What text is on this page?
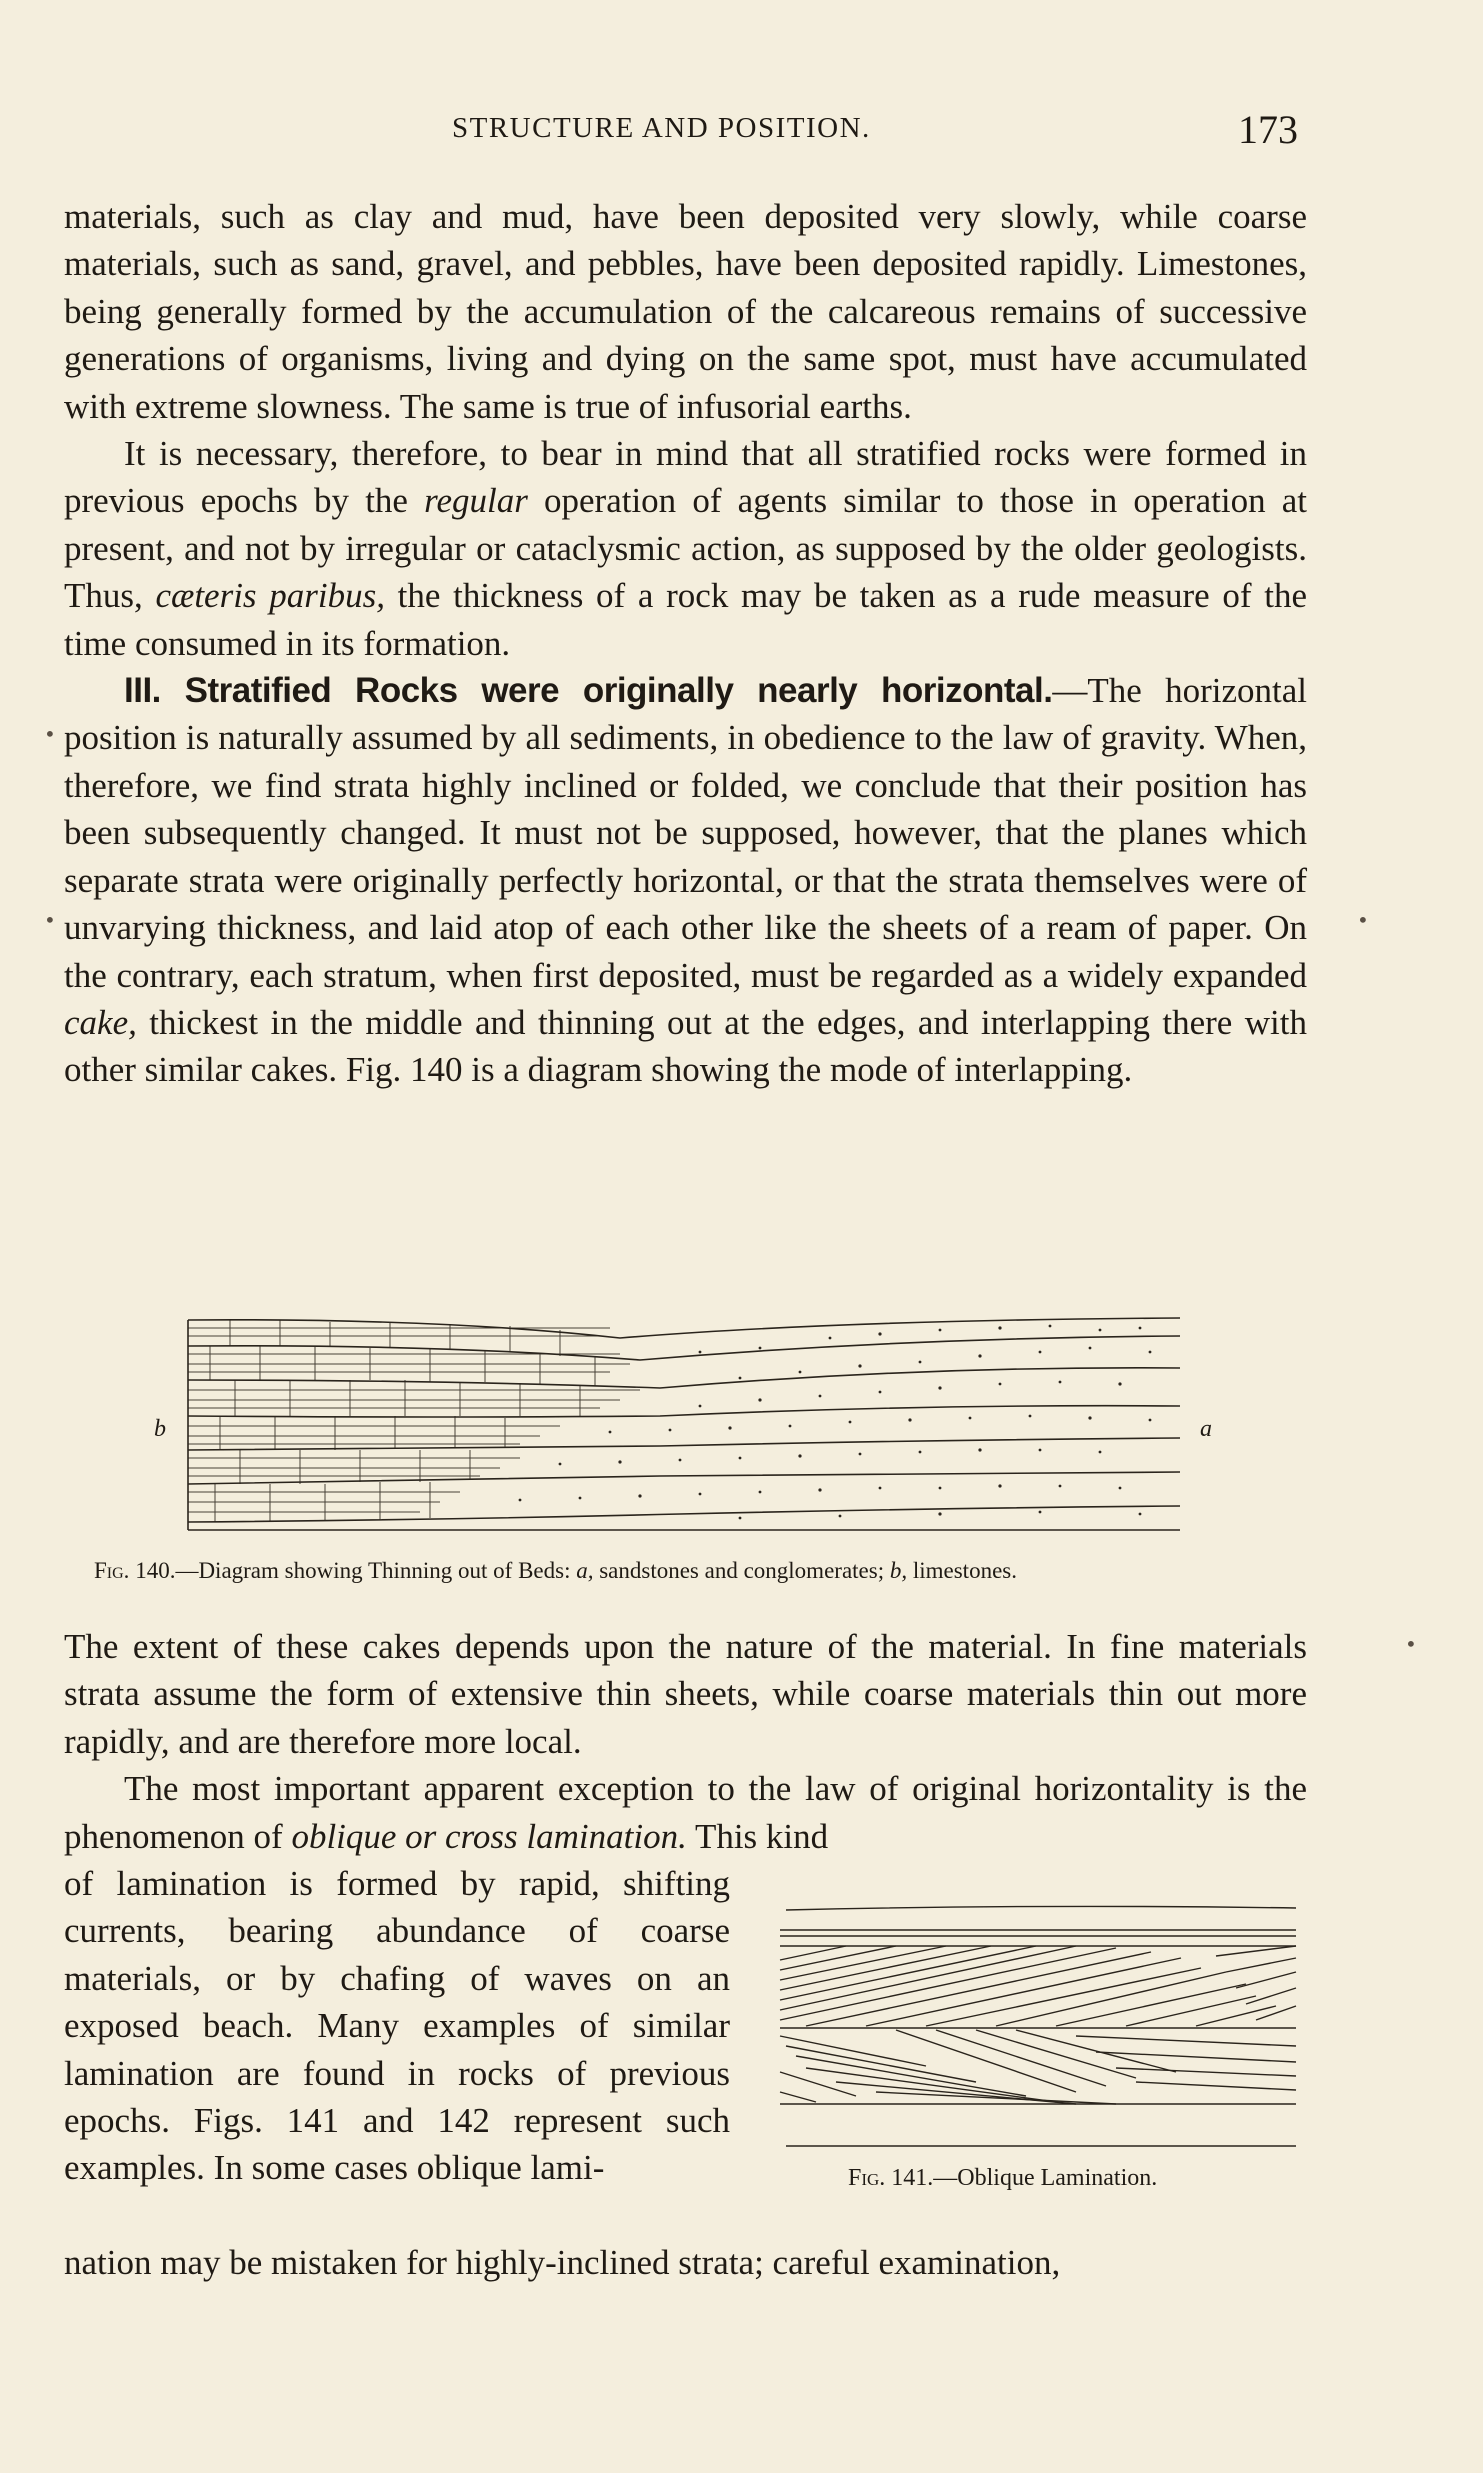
STRUCTURE AND POSITION.	173

materials, such as clay and mud, have been deposited very slowly, while coarse materials, such as sand, gravel, and pebbles, have been deposited rapidly. Limestones, being generally formed by the accumulation of the calcareous remains of successive generations of organisms, living and dying on the same spot, must have accumulated with extreme slowness. The same is true of infusorial earths.

It is necessary, therefore, to bear in mind that all stratified rocks were formed in previous epochs by the regular operation of agents similar to those in operation at present, and not by irregular or cataclysmic action, as supposed by the older geologists. Thus, cæteris paribus, the thickness of a rock may be taken as a rude measure of the time consumed in its formation.

III. Stratified Rocks were originally nearly horizontal.—The horizontal position is naturally assumed by all sediments, in obedience to the law of gravity. When, therefore, we find strata highly inclined or folded, we conclude that their position has been subsequently changed. It must not be supposed, however, that the planes which separate strata were originally perfectly horizontal, or that the strata themselves were of unvarying thickness, and laid atop of each other like the sheets of a ream of paper. On the contrary, each stratum, when first deposited, must be regarded as a widely expanded cake, thickest in the middle and thinning out at the edges, and interlapping there with other similar cakes. Fig. 140 is a diagram showing the mode of interlapping.

b	a
Fig. 140.—Diagram showing Thinning out of Beds: a, sandstones and conglomerates; b, limestones.

The extent of these cakes depends upon the nature of the material. In fine materials strata assume the form of extensive thin sheets, while coarse materials thin out more rapidly, and are therefore more local.

The most important apparent exception to the law of original horizontality is the phenomenon of oblique or cross lamination. This kind

of lamination is formed by rapid, shifting currents, bearing abundance of coarse materials, or by chafing of waves on an exposed beach. Many examples of similar lamination are found in rocks of previous epochs. Figs. 141 and 142 represent such examples. In some cases oblique lami-	Fig. 141.—Oblique Lamination.
nation may be mistaken for highly-inclined strata; careful examination,
•
•	•
•
